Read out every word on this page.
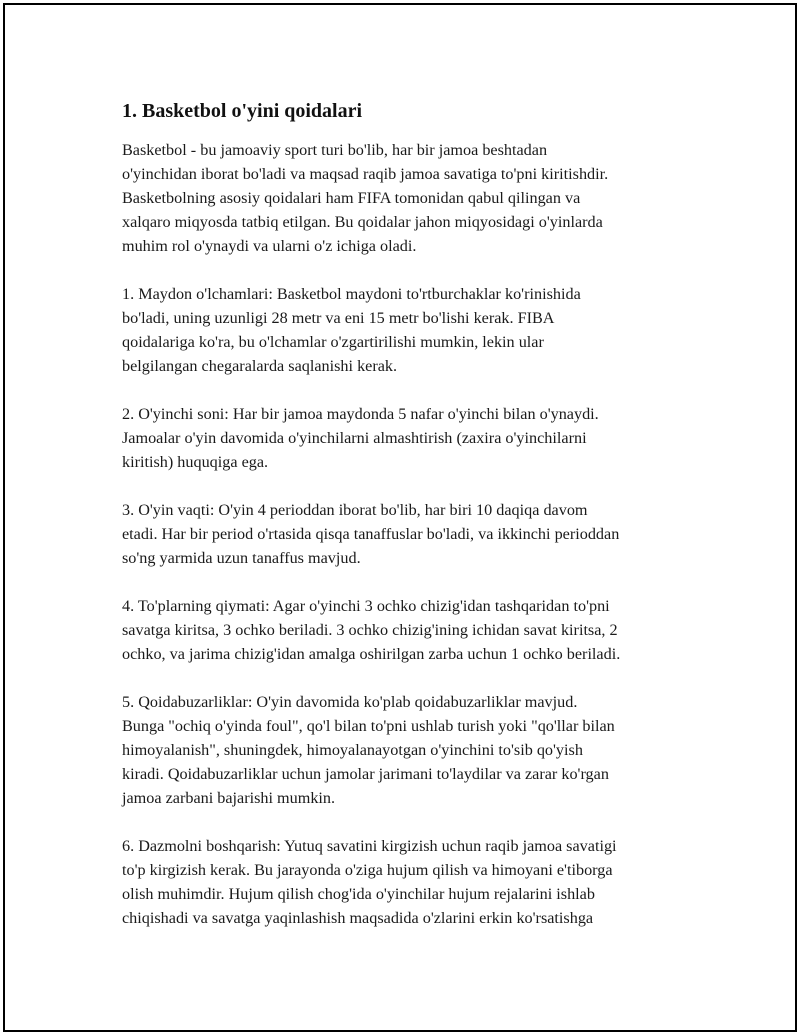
1. Basketbol o'yini qoidalari

Basketbol - bu jamoaviy sport turi bo'lib, har bir jamoa beshtadan
o'yinchidan iborat bo'ladi va maqsad raqib jamoa savatiga to'pni kiritishdir.
Basketbolning asosiy qoidalari ham FIFA tomonidan qabul qilingan va
xalqaro miqyosda tatbiq etilgan. Bu qoidalar jahon miqyosidagi o'yinlarda
muhim rol o'ynaydi va ularni o'z ichiga oladi.

1. Maydon o'lchamlari: Basketbol maydoni to'rtburchaklar ko'rinishida
bo'ladi, uning uzunligi 28 metr va eni 15 metr bo'lishi kerak. FIBA
qoidalariga ko'ra, bu o'lchamlar o'zgartirilishi mumkin, lekin ular
belgilangan chegaralarda saqlanishi kerak.

2. O'yinchi soni: Har bir jamoa maydonda 5 nafar o'yinchi bilan o'ynaydi.
Jamoalar o'yin davomida o'yinchilarni almashtirish (zaxira o'yinchilarni
kiritish) huquqiga ega.

3. O'yin vaqti: O'yin 4 perioddan iborat bo'lib, har biri 10 daqiqa davom
etadi. Har bir period o'rtasida qisqa tanaffuslar bo'ladi, va ikkinchi perioddan
so'ng yarmida uzun tanaffus mavjud.

4. To'plarning qiymati: Agar o'yinchi 3 ochko chizig'idan tashqaridan to'pni
savatga kiritsa, 3 ochko beriladi. 3 ochko chizig'ining ichidan savat kiritsa, 2
ochko, va jarima chizig'idan amalga oshirilgan zarba uchun 1 ochko beriladi.

5. Qoidabuzarliklar: O'yin davomida ko'plab qoidabuzarliklar mavjud.
Bunga "ochiq o'yinda foul", qo'l bilan to'pni ushlab turish yoki "qo'llar bilan
himoyalanish", shuningdek, himoyalanayotgan o'yinchini to'sib qo'yish
kiradi. Qoidabuzarliklar uchun jamolar jarimani to'laydilar va zarar ko'rgan
jamoa zarbani bajarishi mumkin.

6. Dazmolni boshqarish: Yutuq savatini kirgizish uchun raqib jamoa savatigi
to'p kirgizish kerak. Bu jarayonda o'ziga hujum qilish va himoyani e'tiborga
olish muhimdir. Hujum qilish chog'ida o'yinchilar hujum rejalarini ishlab
chiqishadi va savatga yaqinlashish maqsadida o'zlarini erkin ko'rsatishga
